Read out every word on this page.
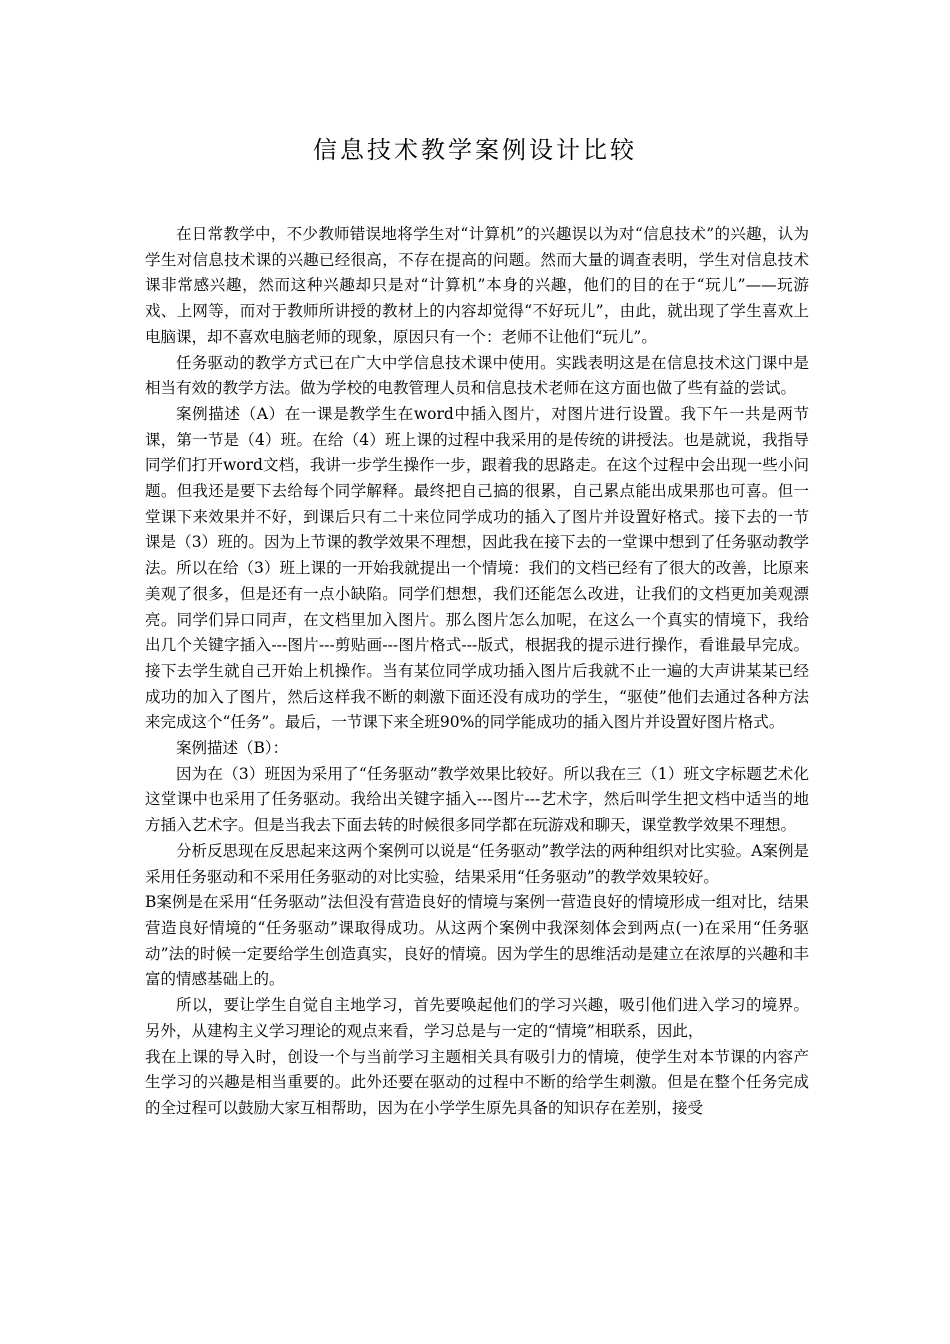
信息技术教学案例设计比较

在日常教学中，不少教师错误地将学生对“计算机”的兴趣误以为对“信息技术”的兴趣，认为学生对信息技术课的兴趣已经很高，不存在提高的问题。然而大量的调查表明，学生对信息技术课非常感兴趣，然而这种兴趣却只是对“计算机”本身的兴趣，他们的目的在于“玩儿”——玩游戏、上网等，而对于教师所讲授的教材上的内容却觉得“不好玩儿”，由此，就出现了学生喜欢上电脑课，却不喜欢电脑老师的现象，原因只有一个：老师不让他们“玩儿”。

任务驱动的教学方式已在广大中学信息技术课中使用。实践表明这是在信息技术这门课中是相当有效的教学方法。做为学校的电教管理人员和信息技术老师在这方面也做了些有益的尝试。

案例描述（A）在一课是教学生在word中插入图片，对图片进行设置。我下午一共是两节课，第一节是（4）班。在给（4）班上课的过程中我采用的是传统的讲授法。也是就说，我指导同学们打开word文档，我讲一步学生操作一步，跟着我的思路走。在这个过程中会出现一些小问题。但我还是要下去给每个同学解释。最终把自己搞的很累，自己累点能出成果那也可喜。但一堂课下来效果并不好，到课后只有二十来位同学成功的插入了图片并设置好格式。接下去的一节课是（3）班的。因为上节课的教学效果不理想，因此我在接下去的一堂课中想到了任务驱动教学法。所以在给（3）班上课的一开始我就提出一个情境：我们的文档已经有了很大的改善，比原来美观了很多，但是还有一点小缺陷。同学们想想，我们还能怎么改进，让我们的文档更加美观漂亮。同学们异口同声，在文档里加入图片。那么图片怎么加呢，在这么一个真实的情境下，我给出几个关键字插入---图片---剪贴画---图片格式---版式，根据我的提示进行操作，看谁最早完成。接下去学生就自己开始上机操作。当有某位同学成功插入图片后我就不止一遍的大声讲某某已经成功的加入了图片，然后这样我不断的刺激下面还没有成功的学生，“驱使”他们去通过各种方法来完成这个“任务”。最后，一节课下来全班90%的同学能成功的插入图片并设置好图片格式。

案例描述（B）：

因为在（3）班因为采用了“任务驱动”教学效果比较好。所以我在三（1）班文字标题艺术化这堂课中也采用了任务驱动。我给出关键字插入---图片---艺术字，然后叫学生把文档中适当的地方插入艺术字。但是当我去下面去转的时候很多同学都在玩游戏和聊天，课堂教学效果不理想。

分析反思现在反思起来这两个案例可以说是“任务驱动”教学法的两种组织对比实验。A案例是采用任务驱动和不采用任务驱动的对比实验，结果采用“任务驱动”的教学效果较好。

B案例是在采用“任务驱动”法但没有营造良好的情境与案例一营造良好的情境形成一组对比，结果营造良好情境的“任务驱动”课取得成功。从这两个案例中我深刻体会到两点(一)在采用“任务驱动”法的时候一定要给学生创造真实，良好的情境。因为学生的思维活动是建立在浓厚的兴趣和丰富的情感基础上的。

所以，要让学生自觉自主地学习，首先要唤起他们的学习兴趣，吸引他们进入学习的境界。另外，从建构主义学习理论的观点来看，学习总是与一定的“情境”相联系，因此，

我在上课的导入时，创设一个与当前学习主题相关具有吸引力的情境，使学生对本节课的内容产生学习的兴趣是相当重要的。此外还要在驱动的过程中不断的给学生刺激。但是在整个任务完成的全过程可以鼓励大家互相帮助，因为在小学学生原先具备的知识存在差别，接受
